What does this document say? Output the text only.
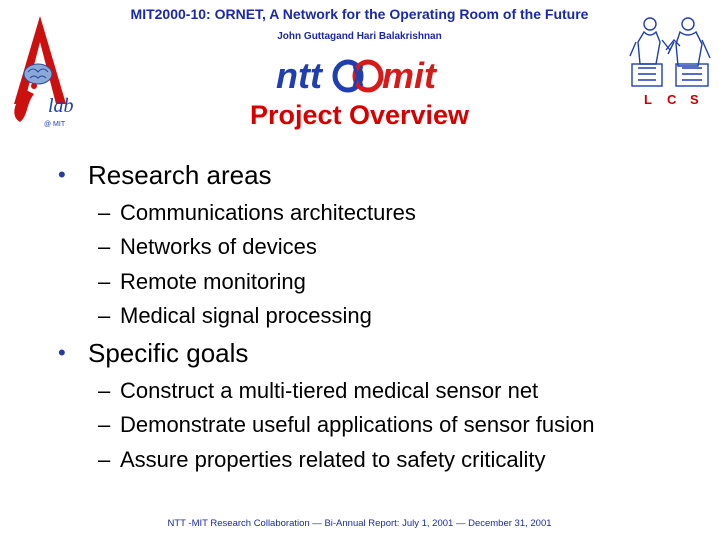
MIT2000-10: ORNET, A Network for the Operating Room of the Future
John Guttagand Hari Balakrishnan
lab
@ MIT
ntt mit
L C S
Project Overview
• Research areas
– Communications architectures
– Networks of devices
– Remote monitoring
– Medical signal processing
• Specific goals
– Construct a multi-tiered medical sensor net
– Demonstrate useful applications of sensor fusion
– Assure properties related to safety criticality
NTT -MIT Research Collaboration — Bi-Annual Report: July 1, 2001 — December 31, 2001
